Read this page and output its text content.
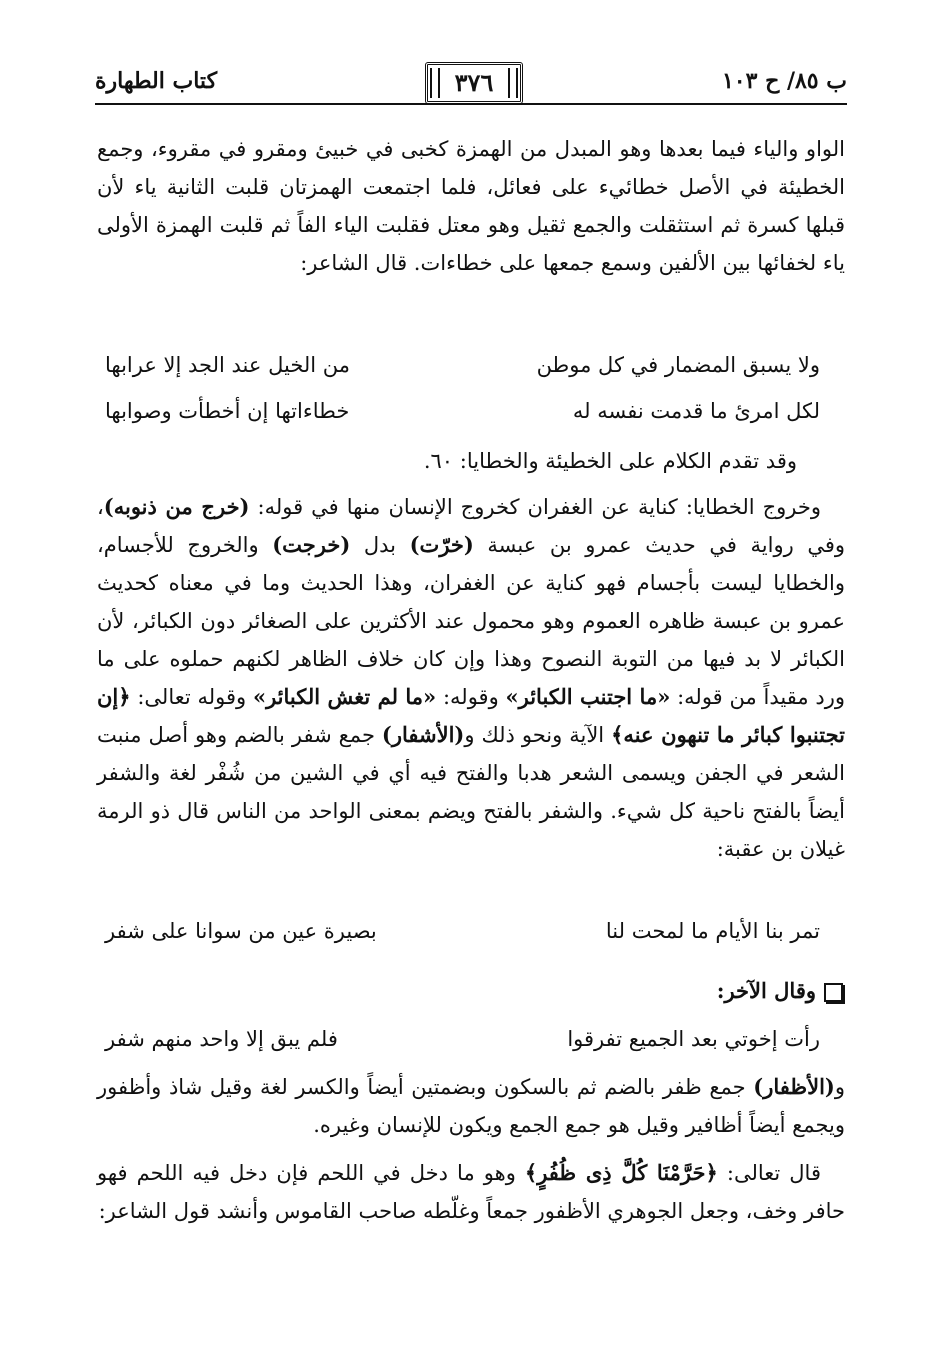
ب ٨٥/ ح ١٠٣
٣٧٦
كتاب الطهارة
الواو والياء فيما بعدها وهو المبدل من الهمزة كخبى في خبيئ ومقرو في مقروء، وجمع الخطيئة في الأصل خطائيء على فعائل، فلما اجتمعت الهمزتان قلبت الثانية ياء لأن قبلها كسرة ثم استثقلت والجمع ثقيل وهو معتل فقلبت الياء الفاً ثم قلبت الهمزة الأولى ياء لخفائها بين الألفين وسمع جمعها على خطاءات. قال الشاعر:
ولا يسبق المضمار في كل موطن
من الخيل عند الجد إلا عرابها
لكل امرئ ما قدمت نفسه له
خطاءاتها إن أخطأت وصوابها
وقد تقدم الكلام على الخطيئة والخطايا: ٦٠.
وخروج الخطايا: كناية عن الغفران كخروج الإنسان منها في قوله: (خرج من ذنوبه)، وفي رواية في حديث عمرو بن عبسة (خرّت) بدل (خرجت) والخروج للأجسام، والخطايا ليست بأجسام فهو كناية عن الغفران، وهذا الحديث وما في معناه كحديث عمرو بن عبسة ظاهره العموم وهو محمول عند الأكثرين على الصغائر دون الكبائر، لأن الكبائر لا بد فيها من التوبة النصوح وهذا وإن كان خلاف الظاهر لكنهم حملوه على ما ورد مقيداً من قوله: «ما اجتنب الكبائر» وقوله: «ما لم تغش الكبائر» وقوله تعالى: ﴿إن تجتنبوا كبائر ما تنهون عنه﴾ الآية ونحو ذلك و(الأشفار) جمع شفر بالضم وهو أصل منبت الشعر في الجفن ويسمى الشعر هدبا والفتح فيه أي في الشين من شُفْر لغة والشفر أيضاً بالفتح ناحية كل شيء. والشفر بالفتح ويضم بمعنى الواحد من الناس قال ذو الرمة غيلان بن عقبة:
تمر بنا الأيام ما لمحت لنا
بصيرة عين من سوانا على شفر
وقال الآخر:
رأت إخوتي بعد الجميع تفرقوا
فلم يبق إلا واحد منهم شفر
و(الأظفار) جمع ظفر بالضم ثم بالسكون وبضمتين أيضاً والكسر لغة وقيل شاذ وأظفور ويجمع أيضاً أظافير وقيل هو جمع الجمع ويكون للإنسان وغيره.
قال تعالى: ﴿حَرَّمْنَا كُلَّ ذِى ظُفُرٍ﴾ وهو ما دخل في اللحم فإن دخل فيه اللحم فهو حافر وخف، وجعل الجوهري الأظفور جمعاً وغلّطه صاحب القاموس وأنشد قول الشاعر:
